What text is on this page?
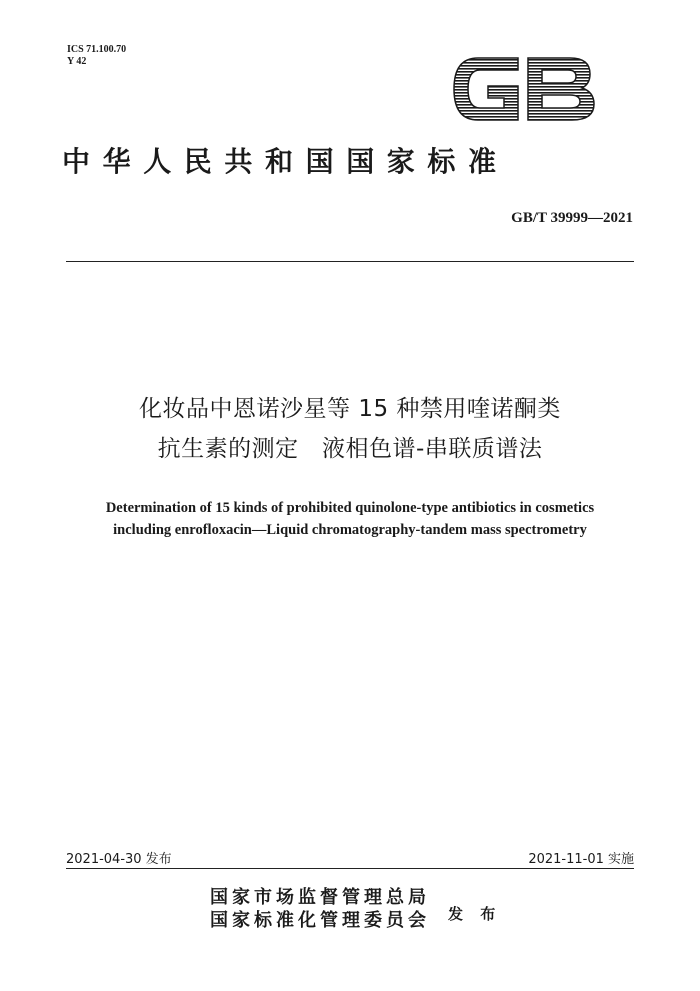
ICS 71.100.70
Y 42
中华人民共和国国家标准
GB/T 39999—2021
化妆品中恩诺沙星等 15 种禁用喹诺酮类
抗生素的测定   液相色谱-串联质谱法
Determination of 15 kinds of prohibited quinolone-type antibiotics in cosmetics
including enrofloxacin—Liquid chromatography-tandem mass spectrometry
2021-04-30 发布	2021-11-01 实施
国家市场监督管理总局
国家标准化管理委员会 发 布
